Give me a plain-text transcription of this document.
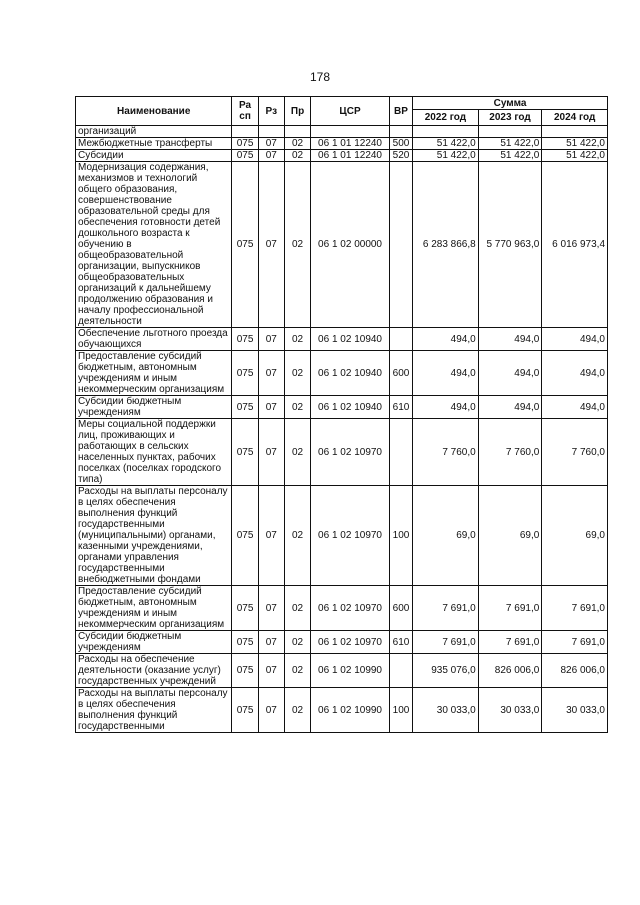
178
Наименование	Ра сп	Рз	Пр	ЦСР	ВР	Сумма		
						2022 год	2023 год	2024 год
организаций								
Межбюджетные трансферты	075	07	02	06 1 01 12240	500	51 422,0	51 422,0	51 422,0
Субсидии	075	07	02	06 1 01 12240	520	51 422,0	51 422,0	51 422,0
Модернизация содержания, механизмов и технологий общего образования, совершенствование образовательной среды для обеспечения готовности детей дошкольного возраста к обучению в общеобразовательной организации, выпускников общеобразовательных организаций к дальнейшему продолжению образования и началу профессиональной деятельности	075	07	02	06 1 02 00000		6 283 866,8	5 770 963,0	6 016 973,4
Обеспечение льготного проезда обучающихся	075	07	02	06 1 02 10940		494,0	494,0	494,0
Предоставление субсидий бюджетным, автономным учреждениям и иным некоммерческим организациям	075	07	02	06 1 02 10940	600	494,0	494,0	494,0
Субсидии бюджетным учреждениям	075	07	02	06 1 02 10940	610	494,0	494,0	494,0
Меры социальной поддержки лиц, проживающих и работающих в сельских населенных пунктах, рабочих поселках (поселках городского типа)	075	07	02	06 1 02 10970		7 760,0	7 760,0	7 760,0
Расходы на выплаты персоналу в целях обеспечения выполнения функций государственными (муниципальными) органами, казенными учреждениями, органами управления государственными внебюджетными фондами	075	07	02	06 1 02 10970	100	69,0	69,0	69,0
Предоставление субсидий бюджетным, автономным учреждениям и иным некоммерческим организациям	075	07	02	06 1 02 10970	600	7 691,0	7 691,0	7 691,0
Субсидии бюджетным учреждениям	075	07	02	06 1 02 10970	610	7 691,0	7 691,0	7 691,0
Расходы на обеспечение деятельности (оказание услуг) государственных учреждений	075	07	02	06 1 02 10990		935 076,0	826 006,0	826 006,0
Расходы на выплаты персоналу в целях обеспечения выполнения функций государственными	075	07	02	06 1 02 10990	100	30 033,0	30 033,0	30 033,0
